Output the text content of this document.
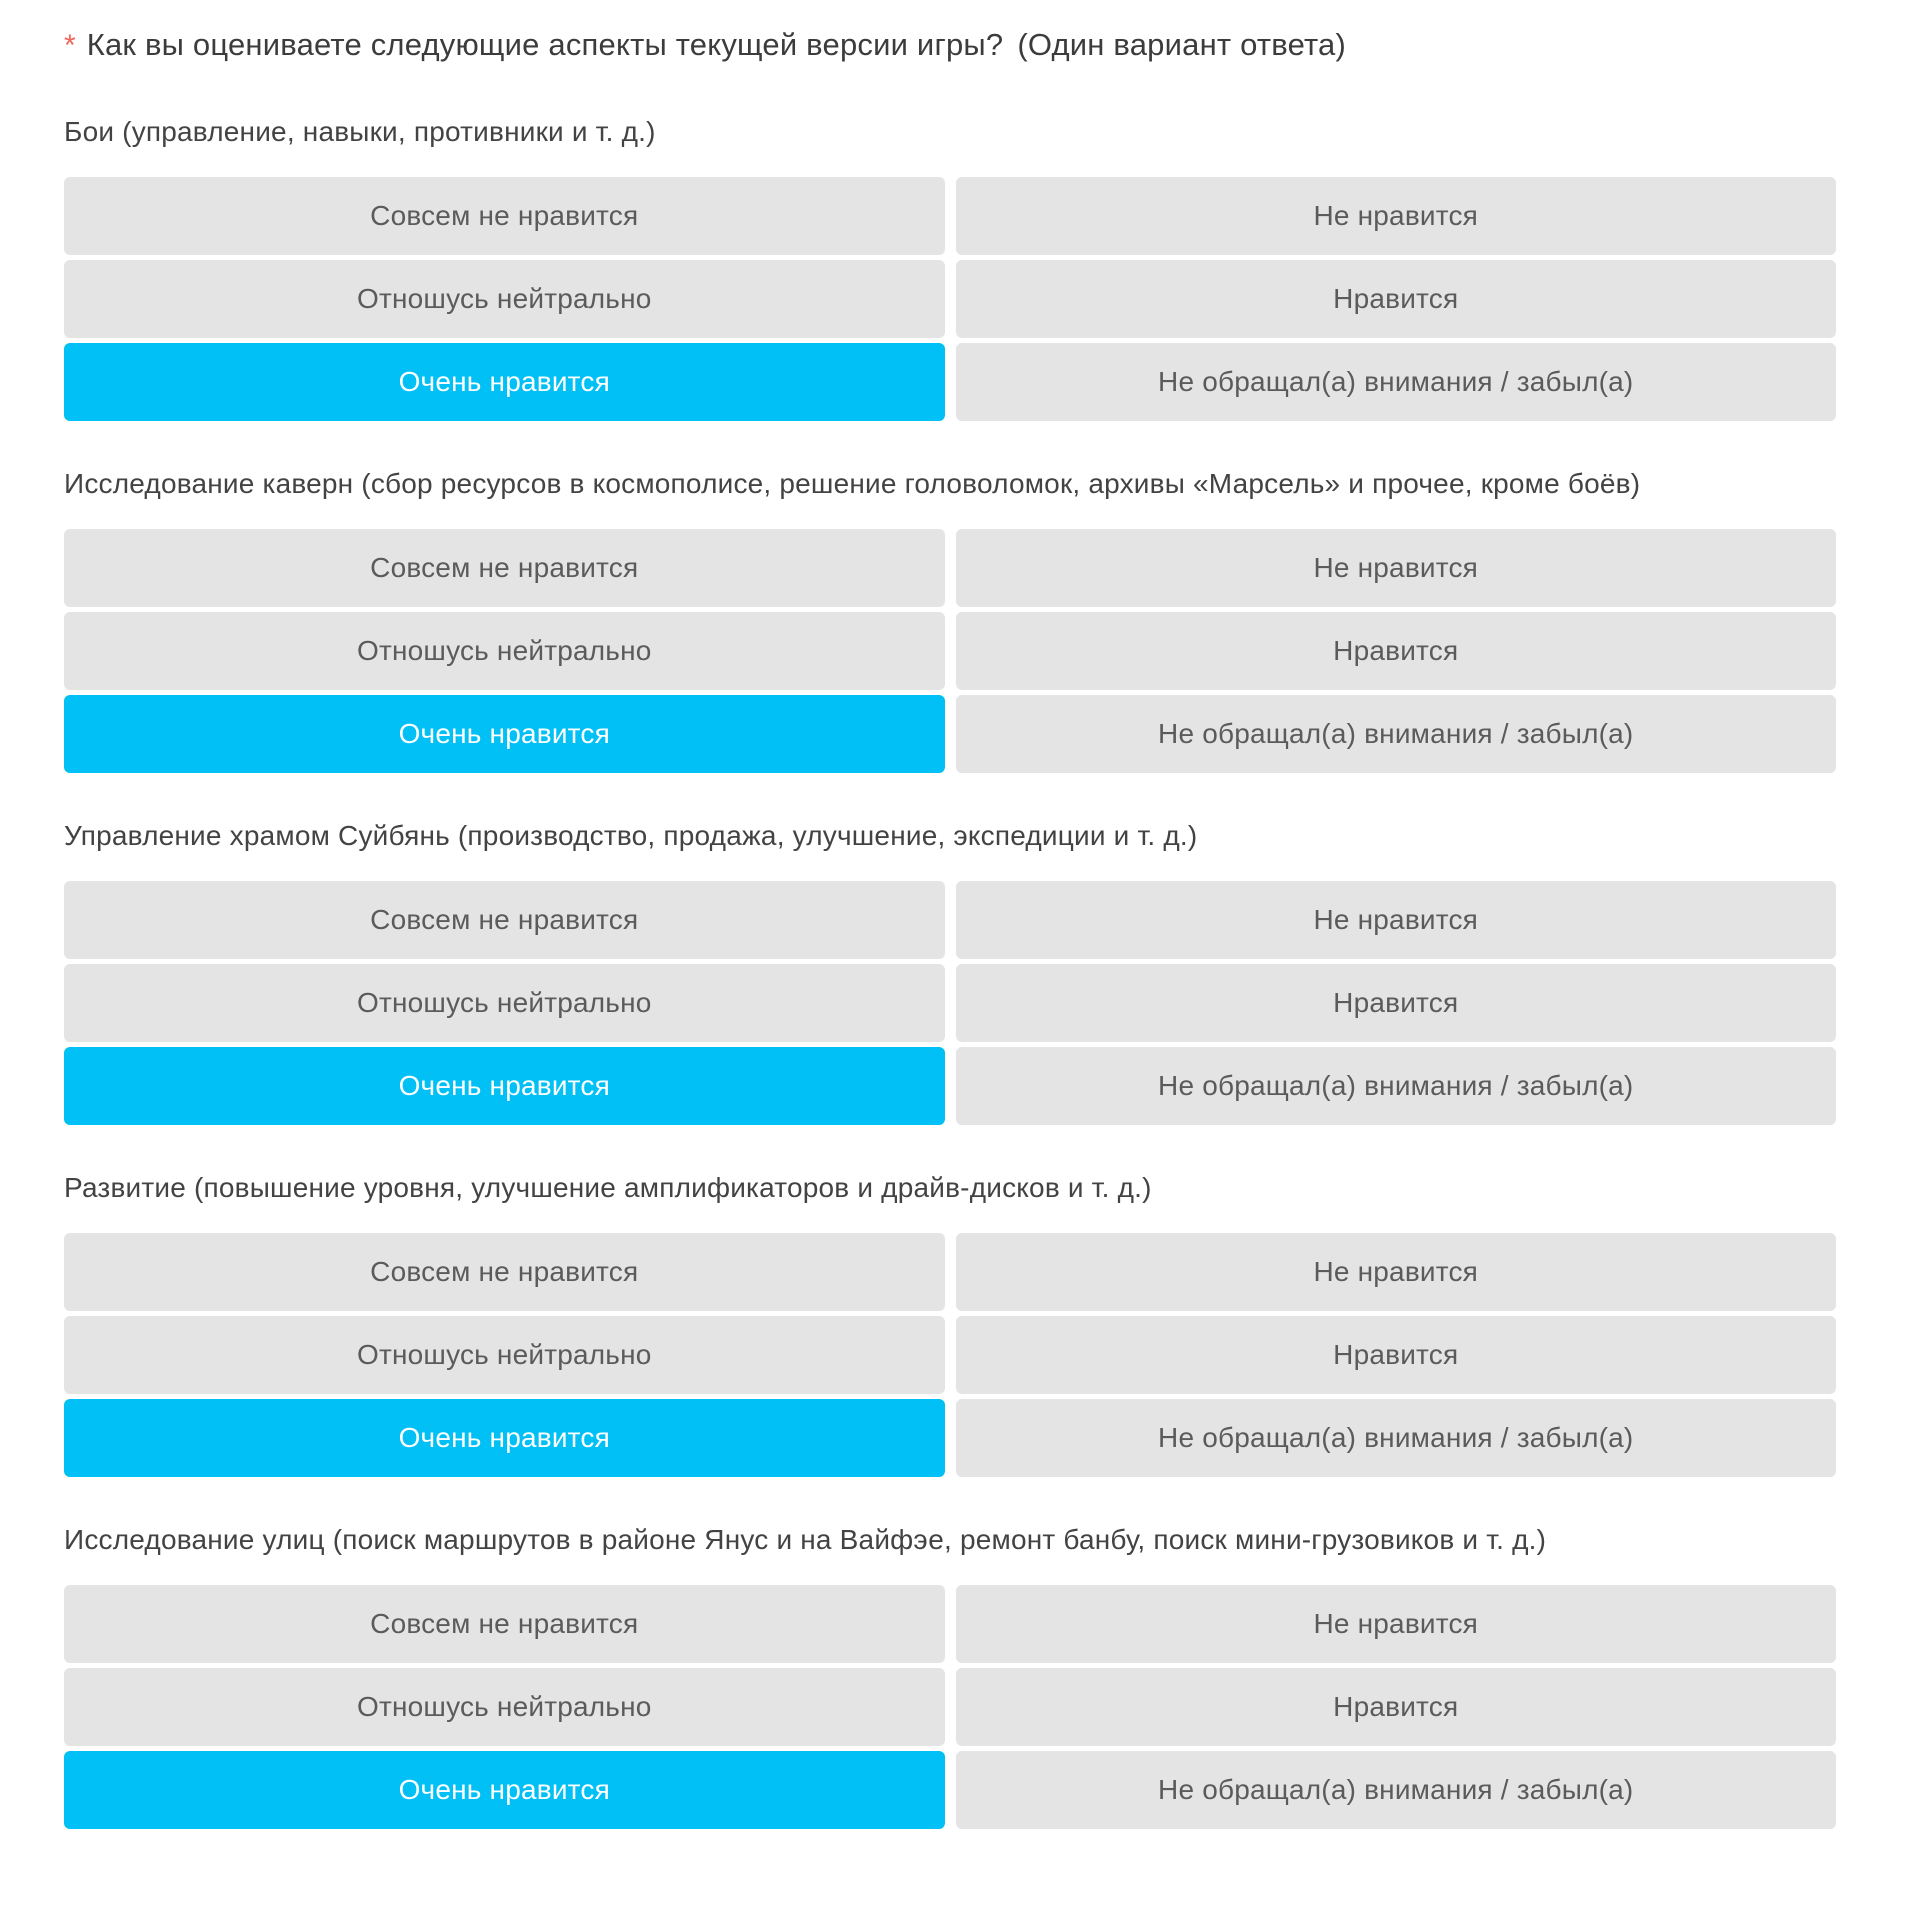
* Как вы оцениваете следующие аспекты текущей версии игры? (Один вариант ответа)
Бои (управление, навыки, противники и т. д.)
Совсем не нравится	Не нравится
Отношусь нейтрально	Нравится
Очень нравится	Не обращал(а) внимания / забыл(а)
Исследование каверн (сбор ресурсов в космополисе, решение головоломок, архивы «Марсель» и прочее, кроме боёв)
Совсем не нравится	Не нравится
Отношусь нейтрально	Нравится
Очень нравится	Не обращал(а) внимания / забыл(а)
Управление храмом Суйбянь (производство, продажа, улучшение, экспедиции и т. д.)
Совсем не нравится	Не нравится
Отношусь нейтрально	Нравится
Очень нравится	Не обращал(а) внимания / забыл(а)
Развитие (повышение уровня, улучшение амплификаторов и драйв-дисков и т. д.)
Совсем не нравится	Не нравится
Отношусь нейтрально	Нравится
Очень нравится	Не обращал(а) внимания / забыл(а)
Исследование улиц (поиск маршрутов в районе Янус и на Вайфэе, ремонт банбу, поиск мини-грузовиков и т. д.)
Совсем не нравится	Не нравится
Отношусь нейтрально	Нравится
Очень нравится	Не обращал(а) внимания / забыл(а)
